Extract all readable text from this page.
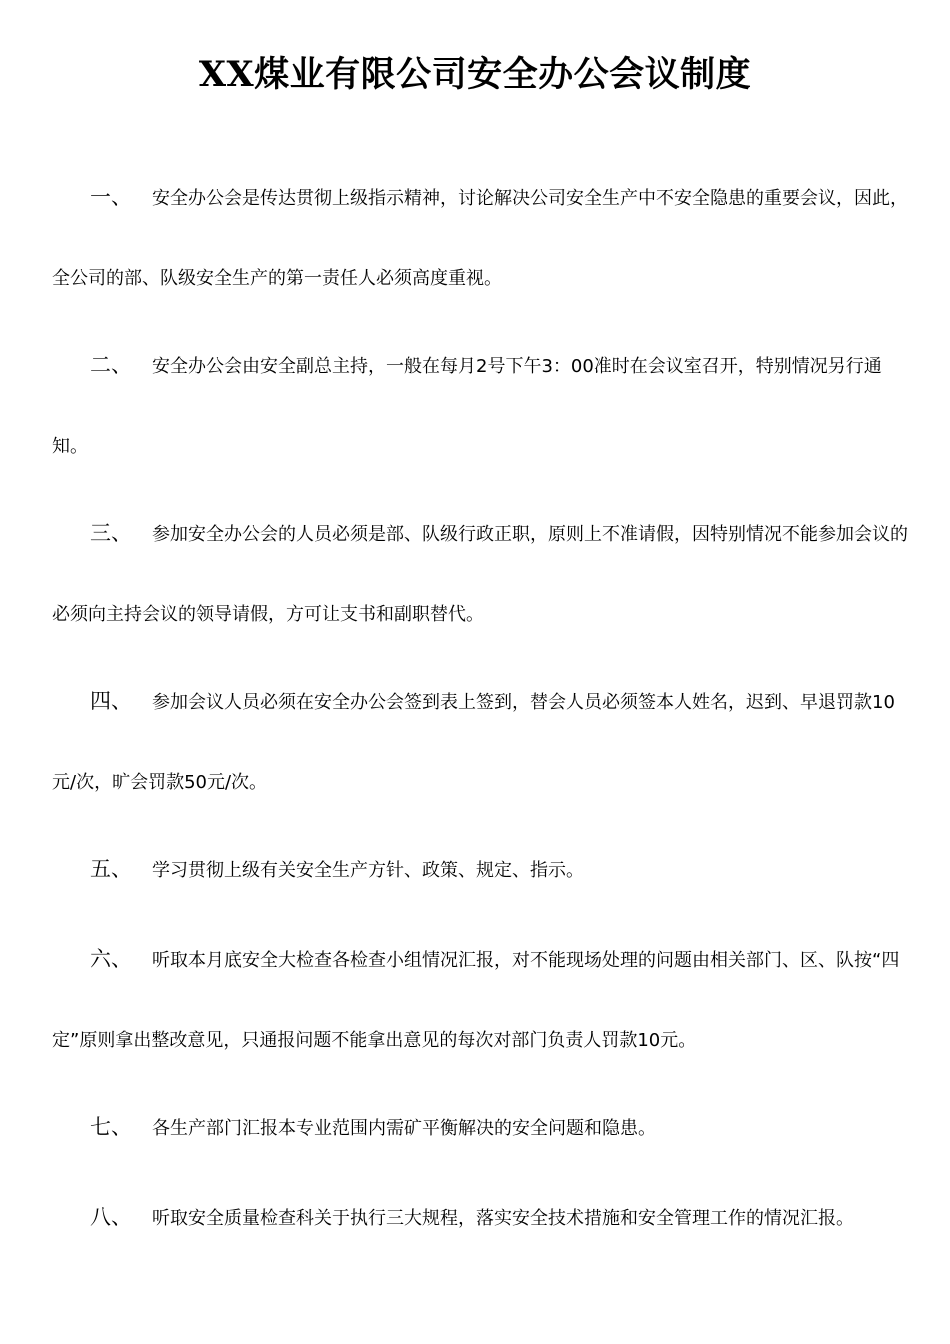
XX煤业有限公司安全办公会议制度
一、 安全办公会是传达贯彻上级指示精神，讨论解决公司安全生产中不安全隐患的重要会议，因此，全公司的部、队级安全生产的第一责任人必须高度重视。
二、 安全办公会由安全副总主持，一般在每月2号下午3：00准时在会议室召开，特别情况另行通知。
三、 参加安全办公会的人员必须是部、队级行政正职，原则上不准请假，因特别情况不能参加会议的必须向主持会议的领导请假，方可让支书和副职替代。
四、 参加会议人员必须在安全办公会签到表上签到，替会人员必须签本人姓名，迟到、早退罚款10元/次，旷会罚款50元/次。
五、 学习贯彻上级有关安全生产方针、政策、规定、指示。
六、 听取本月底安全大检查各检查小组情况汇报，对不能现场处理的问题由相关部门、区、队按“四定”原则拿出整改意见，只通报问题不能拿出意见的每次对部门负责人罚款10元。
七、 各生产部门汇报本专业范围内需矿平衡解决的安全问题和隐患。
八、 听取安全质量检查科关于执行三大规程，落实安全技术措施和安全管理工作的情况汇报。
